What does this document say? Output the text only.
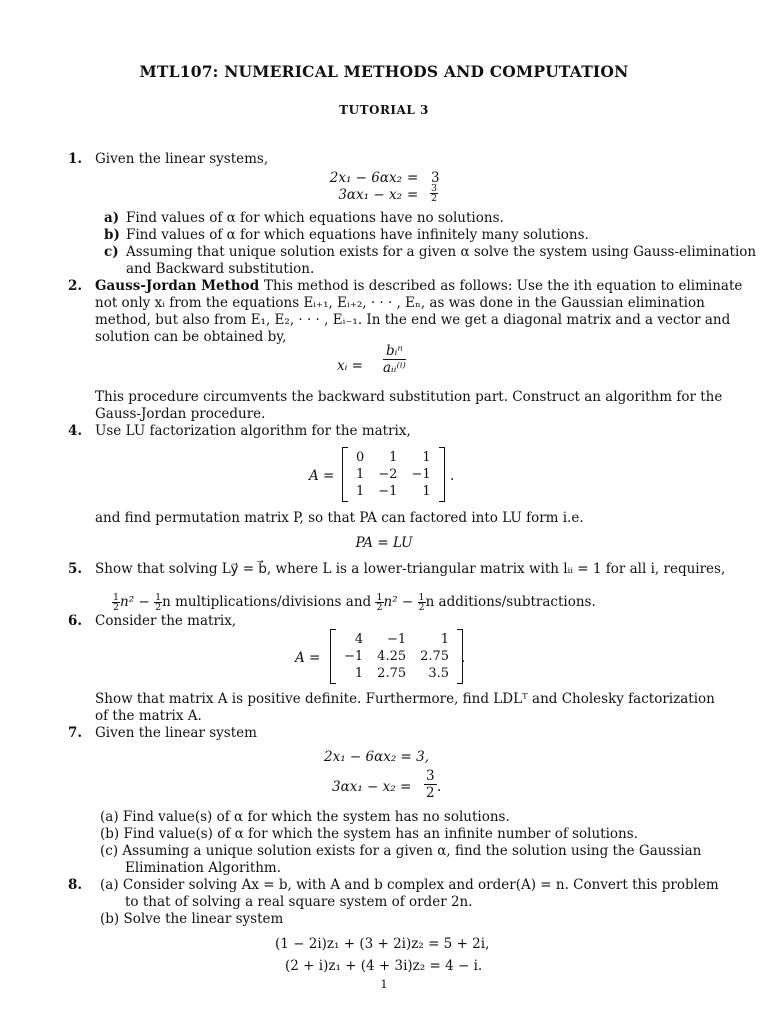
MTL107: NUMERICAL METHODS AND COMPUTATION
TUTORIAL 3
1. Given the linear systems,
2x₁ − 6αx₂ = 3
$3\alpha x_1 - x_2 = \frac{3}{2}$
a) Find values of α for which equations have no solutions.
b) Find values of α for which equations have infinitely many solutions.
c) Assuming that unique solution exists for a given α solve the system using Gauss-elimination
and Backward substitution.
2. Gauss-Jordan Method This method is described as follows: Use the ith equation to eliminate
not only xᵢ from the equations Eᵢ₊₁, Eᵢ₊₂, · · · , Eₙ, as was done in the Gaussian elimination
method, but also from E₁, E₂, · · · , Eᵢ₋₁. In the end we get a diagonal matrix and a vector and
solution can be obtained by,
xᵢ =
bᵢⁿ
aᵢᵢ⁽ⁱ⁾
This procedure circumvents the backward substitution part. Construct an algorithm for the
Gauss-Jordan procedure.
4. Use LU factorization algorithm for the matrix,
A =
0	1	1
1	−2	−1
1	−1	1
.
and find permutation matrix P, so that PA can factored into LU form i.e.
PA = LU
5. Show that solving Ly⃗ = b⃗, where L is a lower-triangular matrix with lᵢᵢ = 1 for all i, requires,
$\frac{1}{2} n^2 - \frac{1}{2}$ n multiplications/divisions and $\frac{1}{2} n^2 - \frac{1}{2}$ n additions/subtractions.
6. Consider the matrix,
A =
4	−1	1
−1	4.25	2.75
1	2.75	3.5
.
Show that matrix A is positive definite. Furthermore, find LDLᵀ and Cholesky factorization
of the matrix A.
7. Given the linear system
2x₁ − 6αx₂ = 3,
$3\alpha x_1 - x_2 = \frac{3}{2}$ .
(a) Find value(s) of α for which the system has no solutions.
(b) Find value(s) of α for which the system has an infinite number of solutions.
(c) Assuming a unique solution exists for a given α, find the solution using the Gaussian
Elimination Algorithm.
8. (a) Consider solving Ax = b, with A and b complex and order(A) = n. Convert this problem
to that of solving a real square system of order 2n.
(b) Solve the linear system
(1 − 2i)z₁ + (3 + 2i)z₂ = 5 + 2i,
(2 + i)z₁ + (4 + 3i)z₂ = 4 − i.
1
